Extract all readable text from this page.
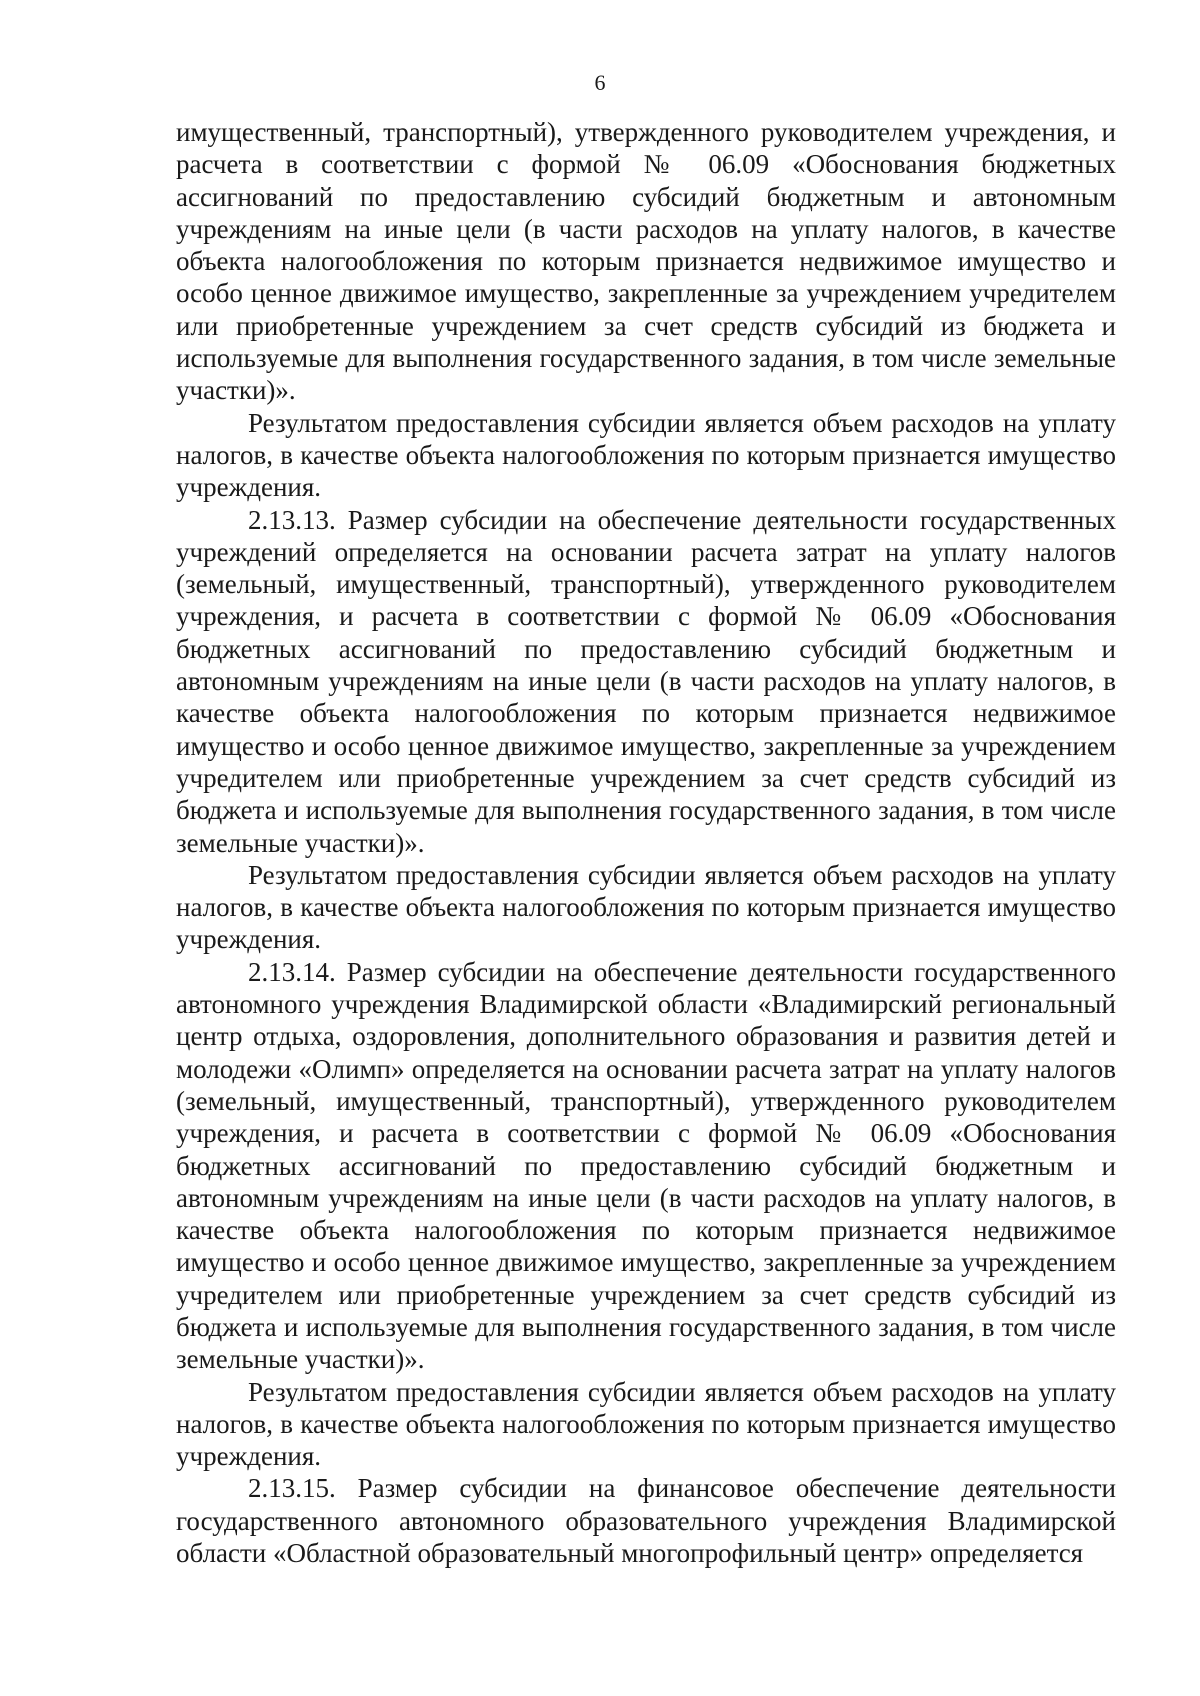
6

имущественный, транспортный), утвержденного руководителем учреждения, и расчета в соответствии с формой № 06.09 «Обоснования бюджетных ассигнований по предоставлению субсидий бюджетным и автономным учреждениям на иные цели (в части расходов на уплату налогов, в качестве объекта налогообложения по которым признается недвижимое имущество и особо ценное движимое имущество, закрепленные за учреждением учредителем или приобретенные учреждением за счет средств субсидий из бюджета и используемые для выполнения государственного задания, в том числе земельные участки)».

Результатом предоставления субсидии является объем расходов на уплату налогов, в качестве объекта налогообложения по которым признается имущество учреждения.

2.13.13. Размер субсидии на обеспечение деятельности государственных учреждений определяется на основании расчета затрат на уплату налогов (земельный, имущественный, транспортный), утвержденного руководителем учреждения, и расчета в соответствии с формой № 06.09 «Обоснования бюджетных ассигнований по предоставлению субсидий бюджетным и автономным учреждениям на иные цели (в части расходов на уплату налогов, в качестве объекта налогообложения по которым признается недвижимое имущество и особо ценное движимое имущество, закрепленные за учреждением учредителем или приобретенные учреждением за счет средств субсидий из бюджета и используемые для выполнения государственного задания, в том числе земельные участки)».

Результатом предоставления субсидии является объем расходов на уплату налогов, в качестве объекта налогообложения по которым признается имущество учреждения.

2.13.14. Размер субсидии на обеспечение деятельности государственного автономного учреждения Владимирской области «Владимирский региональный центр отдыха, оздоровления, дополнительного образования и развития детей и молодежи «Олимп» определяется на основании расчета затрат на уплату налогов (земельный, имущественный, транспортный), утвержденного руководителем учреждения, и расчета в соответствии с формой № 06.09 «Обоснования бюджетных ассигнований по предоставлению субсидий бюджетным и автономным учреждениям на иные цели (в части расходов на уплату налогов, в качестве объекта налогообложения по которым признается недвижимое имущество и особо ценное движимое имущество, закрепленные за учреждением учредителем или приобретенные учреждением за счет средств субсидий из бюджета и используемые для выполнения государственного задания, в том числе земельные участки)».

Результатом предоставления субсидии является объем расходов на уплату налогов, в качестве объекта налогообложения по которым признается имущество учреждения.

2.13.15. Размер субсидии на финансовое обеспечение деятельности государственного автономного образовательного учреждения Владимирской области «Областной образовательный многопрофильный центр» определяется
